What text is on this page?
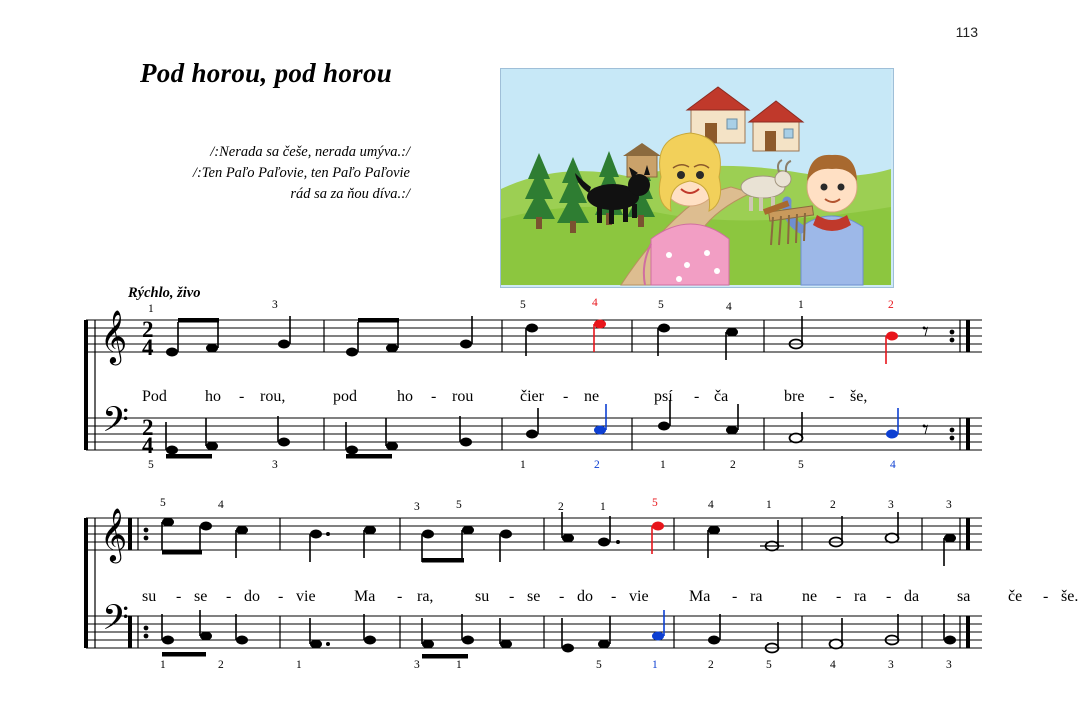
113
Pod horou, pod horou
/:Nerada sa češe, nerada umýva.:/
/:Ten Paľo Paľovie, ten Paľo Paľovie
rád sa za ňou díva.:/
Rýchlo, živo
𝄞
𝄢
2
4
2
4
𝄾
𝄾
1	3	5	4	5	4	1	2
5	3	1	2	1	2	5	4
Pod ho - rou,	pod	ho - rou	čier - ne	psí - ča	bre - še,
𝄞
𝄢
5	4	3	5	2	1	5	4	1	2	3	3
1	2	1	3	1	5	1	2	5	4	3	3
su - se - do - vie Ma - ra,	su - se - do - vie	Ma - ra ne - ra - da sa če - še.
